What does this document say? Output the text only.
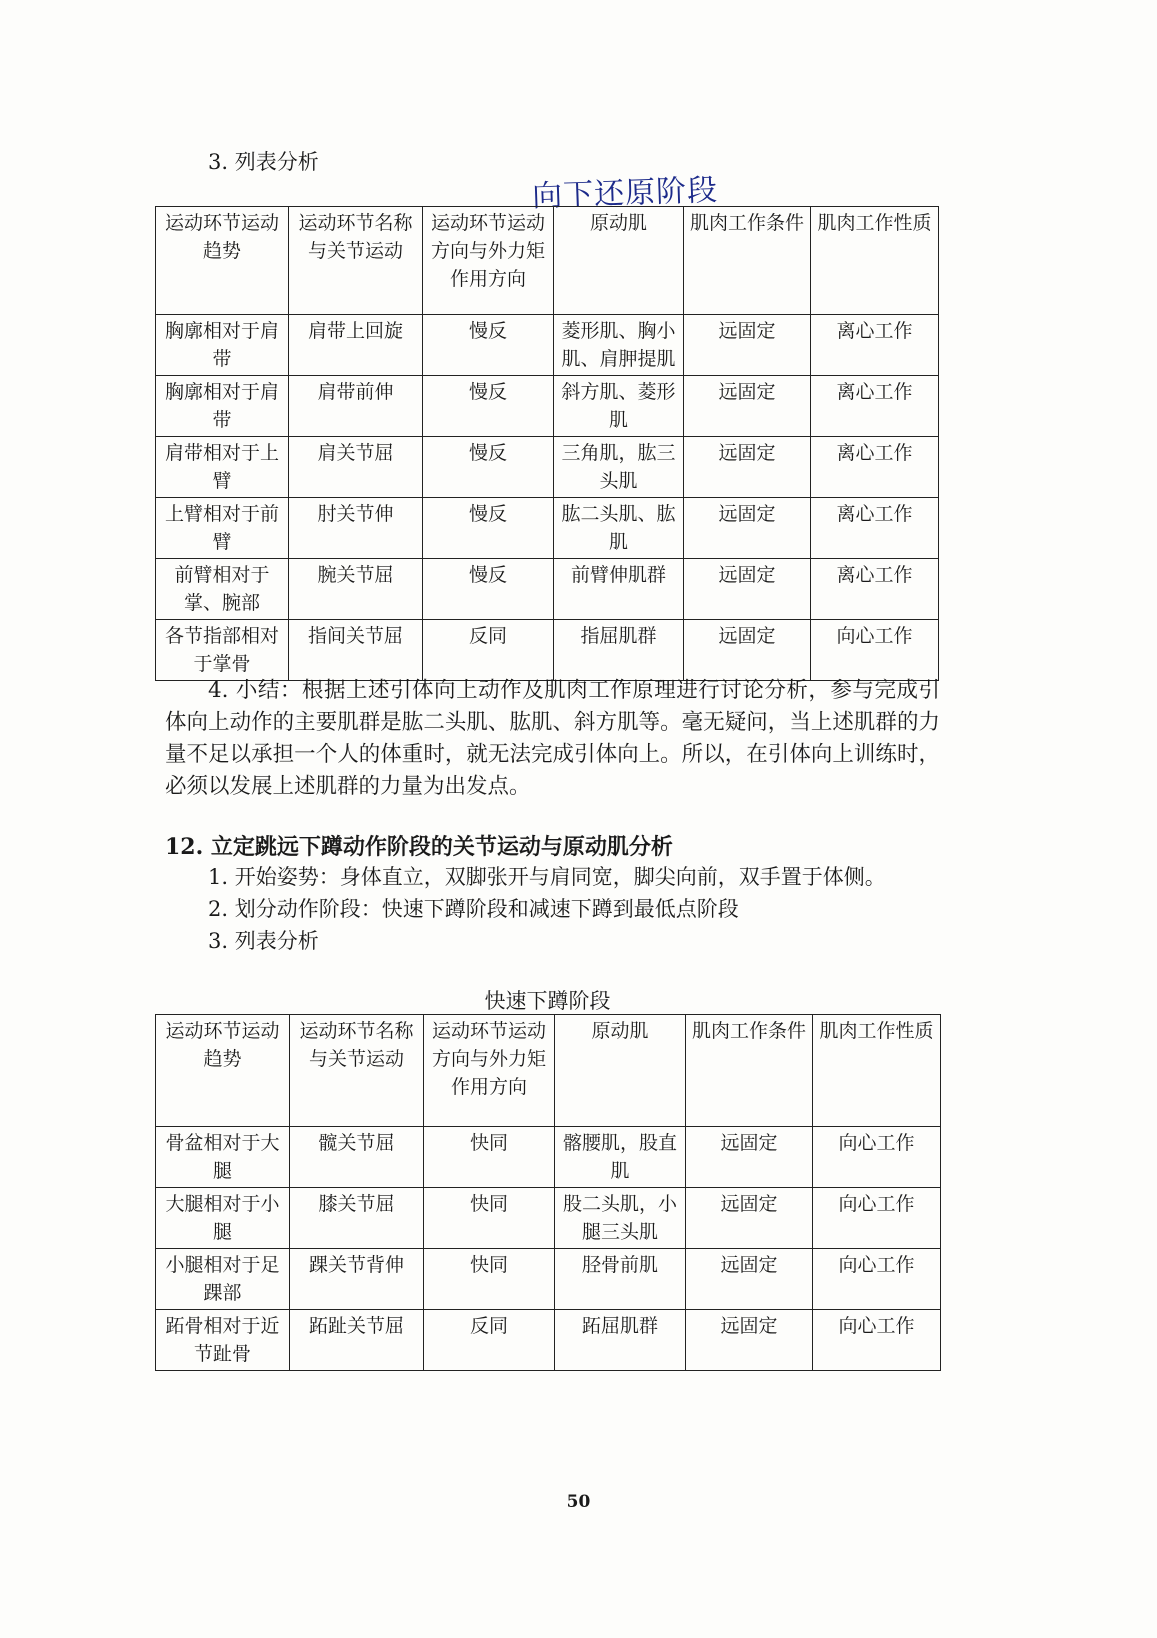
3. 列表分析
向下还原阶段
运动环节运动趋势	运动环节名称与关节运动	运动环节运动方向与外力矩作用方向	原动肌	肌肉工作条件	肌肉工作性质
胸廓相对于肩带	肩带上回旋	慢反	菱形肌、胸小肌、肩胛提肌	远固定	离心工作
胸廓相对于肩带	肩带前伸	慢反	斜方肌、菱形肌	远固定	离心工作
肩带相对于上臂	肩关节屈	慢反	三角肌，肱三头肌	远固定	离心工作
上臂相对于前臂	肘关节伸	慢反	肱二头肌、肱肌	远固定	离心工作
前臂相对于掌、腕部	腕关节屈	慢反	前臂伸肌群	远固定	离心工作
各节指部相对于掌骨	指间关节屈	反同	指屈肌群	远固定	向心工作
4. 小结：根据上述引体向上动作及肌肉工作原理进行讨论分析，参与完成引体向上动作的主要肌群是肱二头肌、肱肌、斜方肌等。毫无疑问，当上述肌群的力量不足以承担一个人的体重时，就无法完成引体向上。所以，在引体向上训练时，必须以发展上述肌群的力量为出发点。
12. 立定跳远下蹲动作阶段的关节运动与原动肌分析
1. 开始姿势：身体直立，双脚张开与肩同宽，脚尖向前，双手置于体侧。
2. 划分动作阶段：快速下蹲阶段和减速下蹲到最低点阶段
3. 列表分析
快速下蹲阶段
运动环节运动趋势	运动环节名称与关节运动	运动环节运动方向与外力矩作用方向	原动肌	肌肉工作条件	肌肉工作性质
骨盆相对于大腿	髋关节屈	快同	髂腰肌，股直肌	远固定	向心工作
大腿相对于小腿	膝关节屈	快同	股二头肌，小腿三头肌	远固定	向心工作
小腿相对于足踝部	踝关节背伸	快同	胫骨前肌	远固定	向心工作
跖骨相对于近节趾骨	跖趾关节屈	反同	跖屈肌群	远固定	向心工作
50
